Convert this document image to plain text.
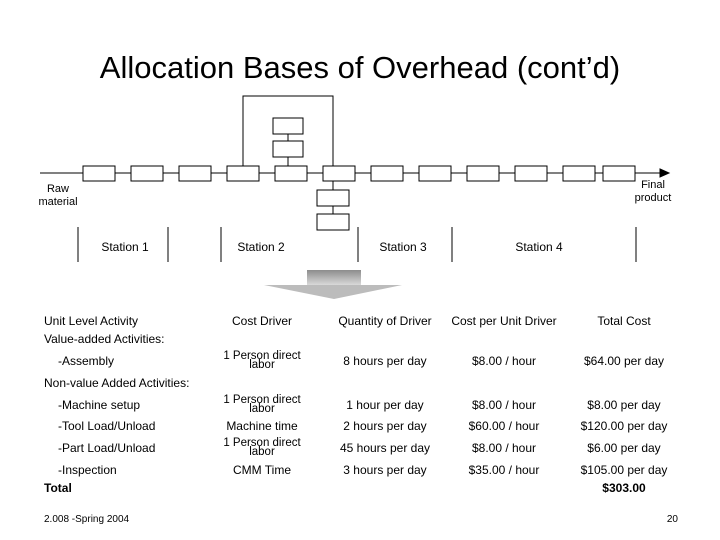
Allocation Bases of Overhead (cont’d)
Raw
material
Final
product
Station 1	Station 2	Station 3	Station 4
Unit Level Activity	Cost Driver	Quantity of Driver	Cost per Unit Driver	Total Cost
Value-added Activities:
-Assembly	1 Person direct
labor	8 hours per day	$8.00 / hour	$64.00 per day
Non-value Added Activities:
-Machine setup	1 Person direct
labor	1 hour per day	$8.00 / hour	$8.00 per day
-Tool Load/Unload	Machine time	2 hours per day	$60.00 / hour	$120.00 per day
-Part Load/Unload	1 Person direct
labor	45 hours per day	$8.00 / hour	$6.00 per day
-Inspection	CMM Time	3 hours per day	$35.00 / hour	$105.00 per day
Total	$303.00
2.008 -Spring 2004	20
